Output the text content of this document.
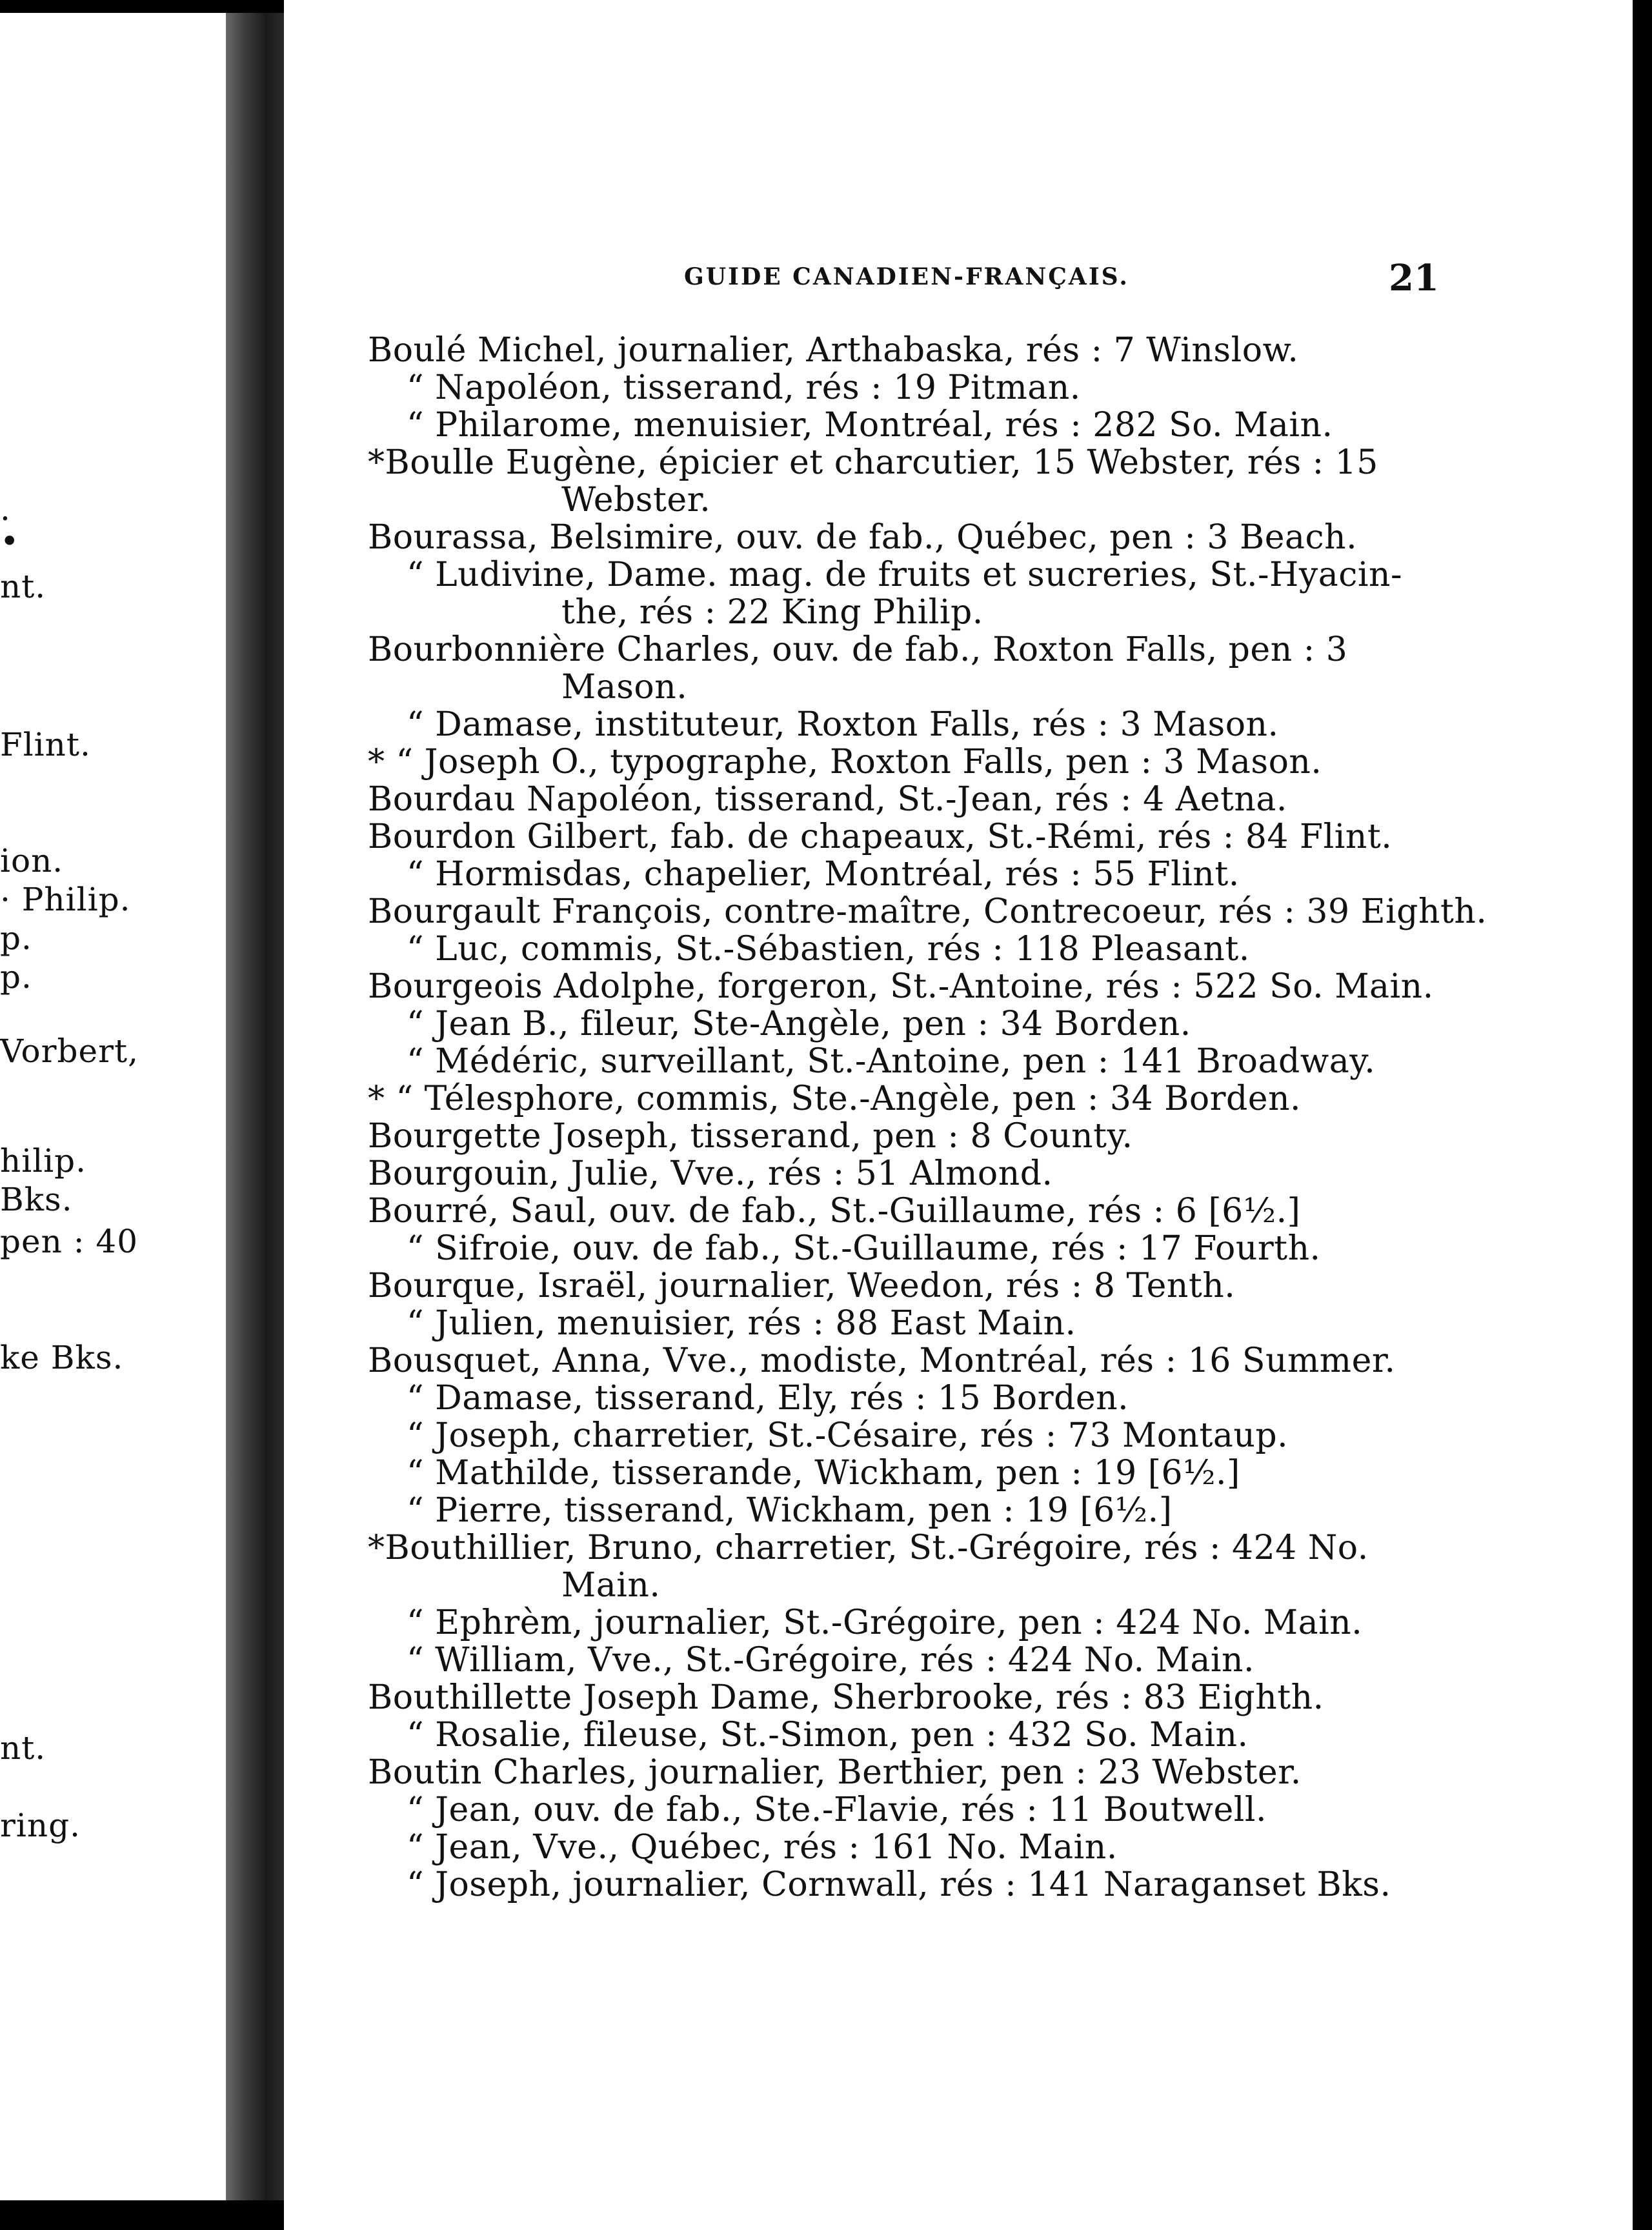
.
•
nt.
Flint.
ion.
· Philip.
p.
p.
Vorbert,
hilip.
Bks.
pen : 40
ke Bks.
nt.
ring.
GUIDE CANADIEN-FRANÇAIS.	21
Boulé Michel, journalier, Arthabaska, rés : 7 Winslow.
“ Napoléon, tisserand, rés : 19 Pitman.
“ Philarome, menuisier, Montréal, rés : 282 So. Main.
*Boulle Eugène, épicier et charcutier, 15 Webster, rés : 15
Webster.
Bourassa, Belsimire, ouv. de fab., Québec, pen : 3 Beach.
“ Ludivine, Dame. mag. de fruits et sucreries, St.-Hyacin-
the, rés : 22 King Philip.
Bourbonnière Charles, ouv. de fab., Roxton Falls, pen : 3
Mason.
“ Damase, instituteur, Roxton Falls, rés : 3 Mason.
* “ Joseph O., typographe, Roxton Falls, pen : 3 Mason.
Bourdau Napoléon, tisserand, St.-Jean, rés : 4 Aetna.
Bourdon Gilbert, fab. de chapeaux, St.-Rémi, rés : 84 Flint.
“ Hormisdas, chapelier, Montréal, rés : 55 Flint.
Bourgault François, contre-maître, Contrecoeur, rés : 39 Eighth.
“ Luc, commis, St.-Sébastien, rés : 118 Pleasant.
Bourgeois Adolphe, forgeron, St.-Antoine, rés : 522 So. Main.
“ Jean B., fileur, Ste-Angèle, pen : 34 Borden.
“ Médéric, surveillant, St.-Antoine, pen : 141 Broadway.
* “ Télesphore, commis, Ste.-Angèle, pen : 34 Borden.
Bourgette Joseph, tisserand, pen : 8 County.
Bourgouin, Julie, Vve., rés : 51 Almond.
Bourré, Saul, ouv. de fab., St.-Guillaume, rés : 6 [6½.]
“ Sifroie, ouv. de fab., St.-Guillaume, rés : 17 Fourth.
Bourque, Israël, journalier, Weedon, rés : 8 Tenth.
“ Julien, menuisier, rés : 88 East Main.
Bousquet, Anna, Vve., modiste, Montréal, rés : 16 Summer.
“ Damase, tisserand, Ely, rés : 15 Borden.
“ Joseph, charretier, St.-Césaire, rés : 73 Montaup.
“ Mathilde, tisserande, Wickham, pen : 19 [6½.]
“ Pierre, tisserand, Wickham, pen : 19 [6½.]
*Bouthillier, Bruno, charretier, St.-Grégoire, rés : 424 No.
Main.
“ Ephrèm, journalier, St.-Grégoire, pen : 424 No. Main.
“ William, Vve., St.-Grégoire, rés : 424 No. Main.
Bouthillette Joseph Dame, Sherbrooke, rés : 83 Eighth.
“ Rosalie, fileuse, St.-Simon, pen : 432 So. Main.
Boutin Charles, journalier, Berthier, pen : 23 Webster.
“ Jean, ouv. de fab., Ste.-Flavie, rés : 11 Boutwell.
“ Jean, Vve., Québec, rés : 161 No. Main.
“ Joseph, journalier, Cornwall, rés : 141 Naraganset Bks.
